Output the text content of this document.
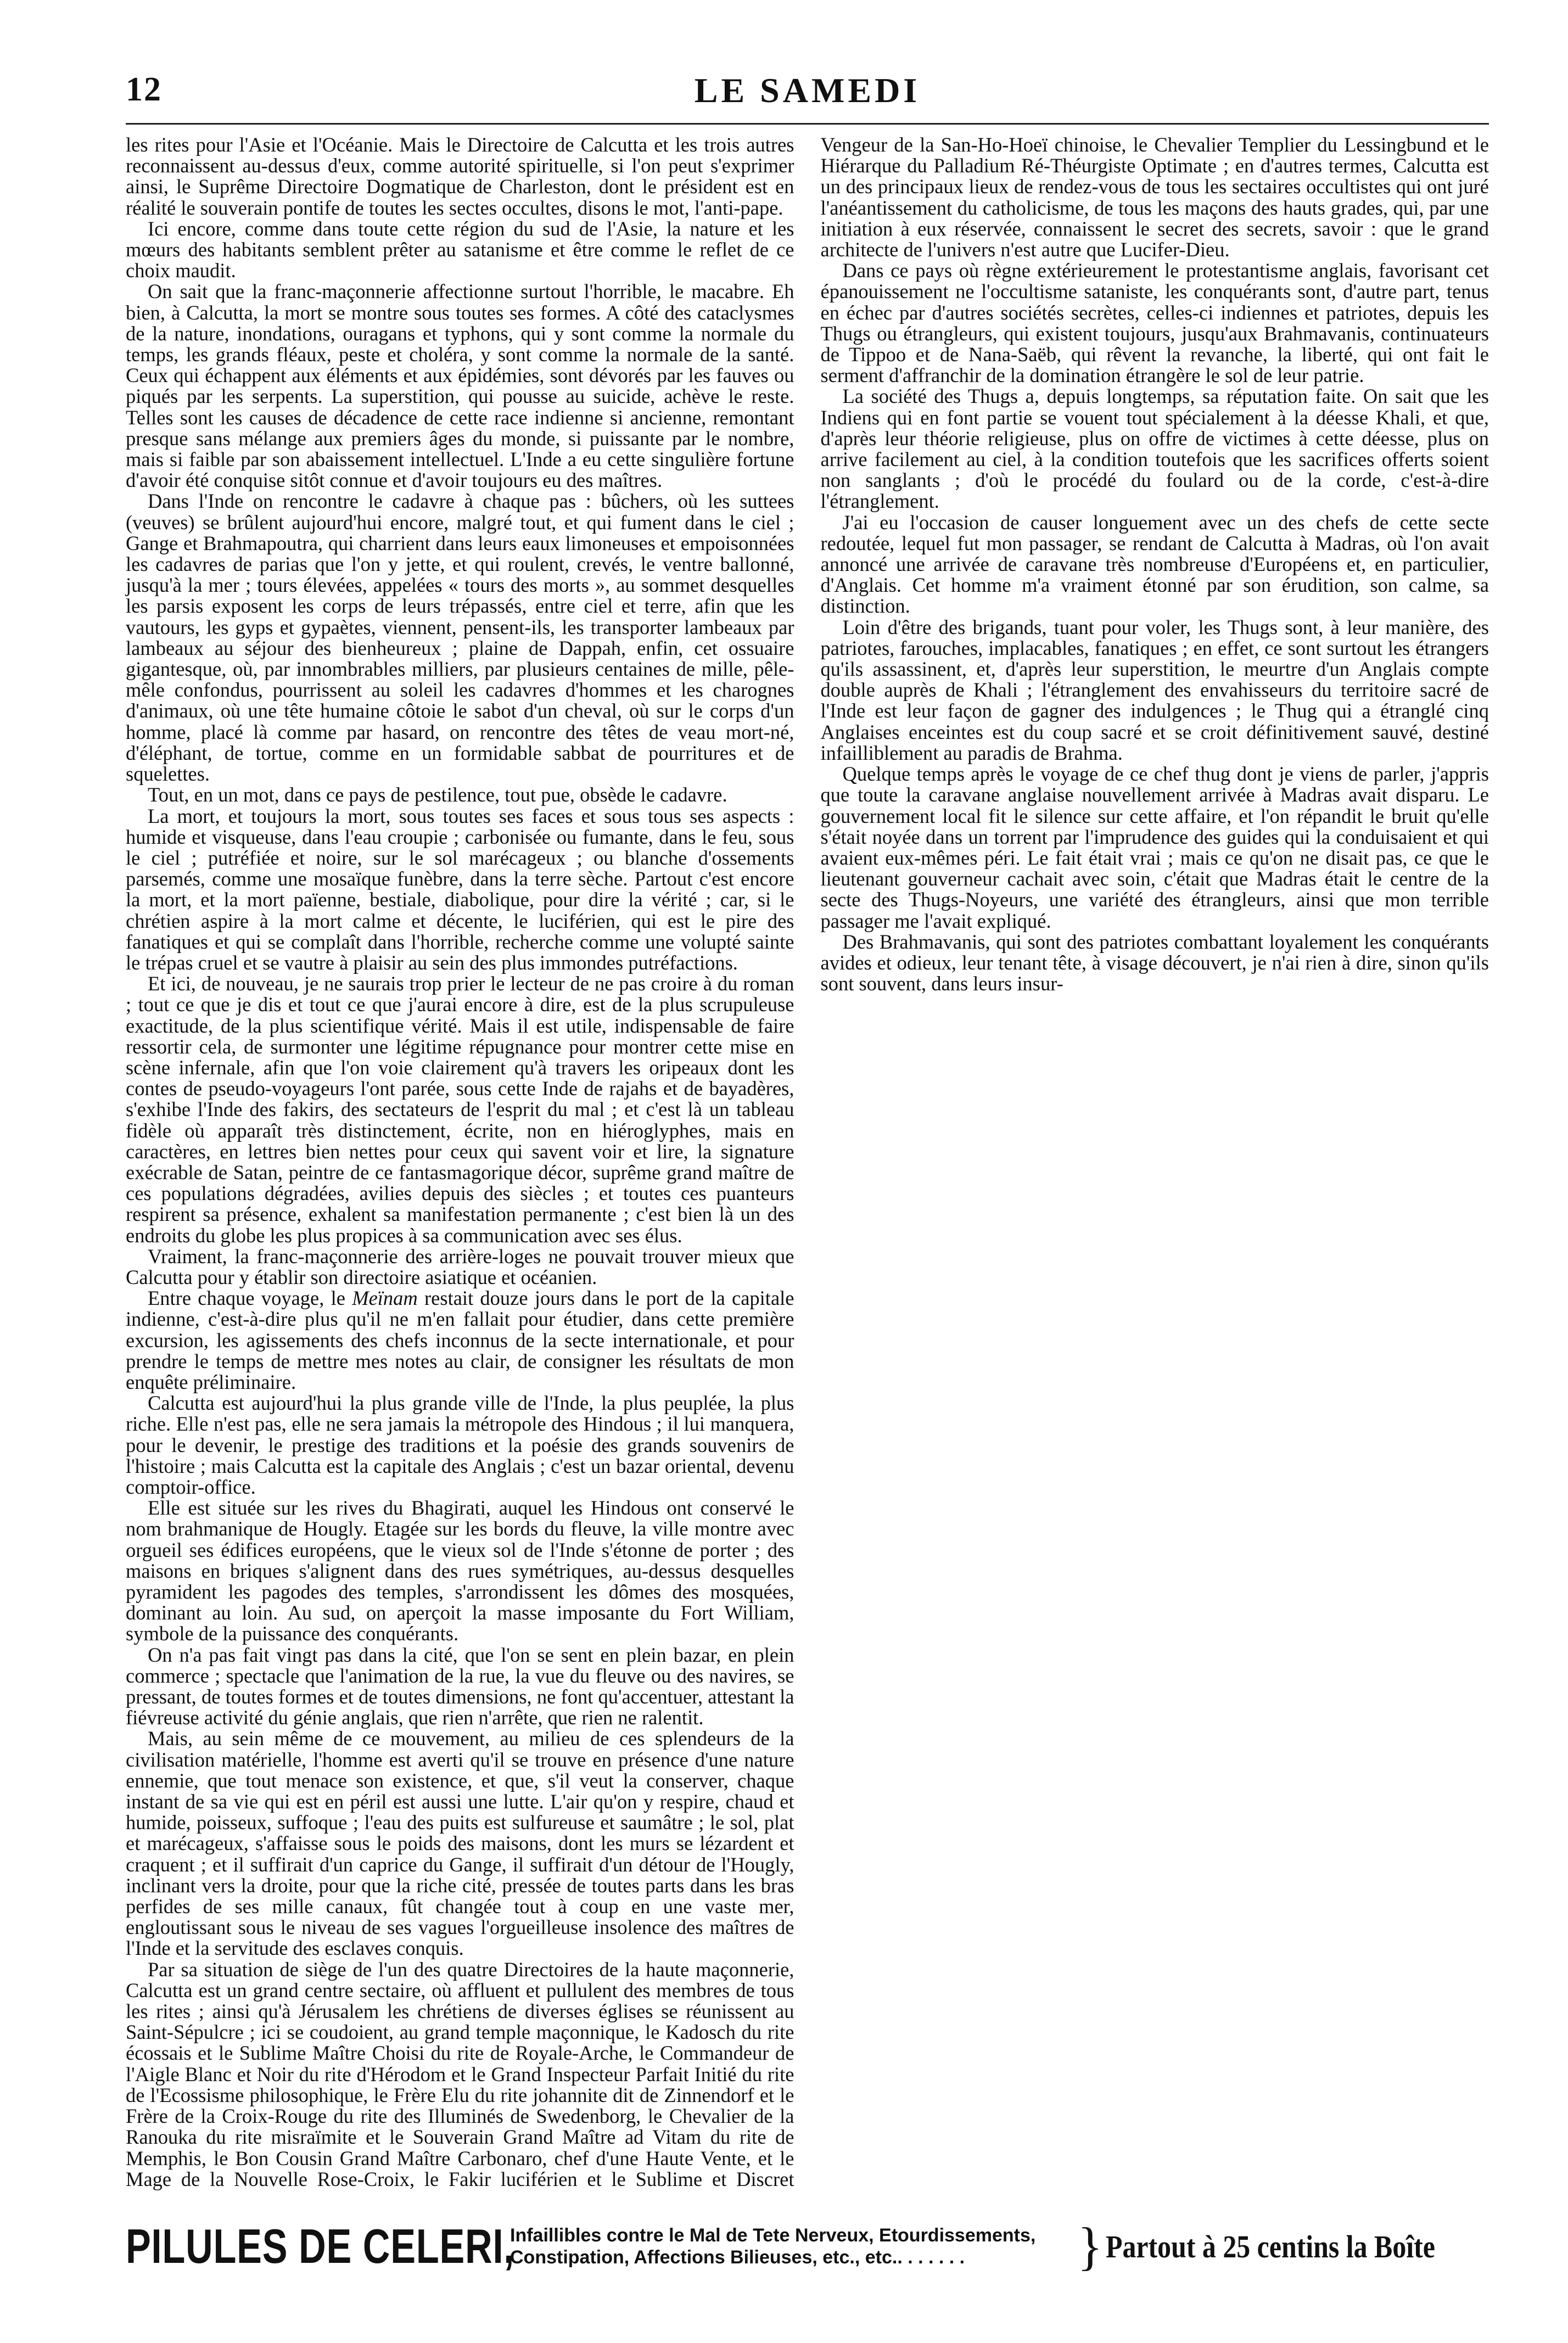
12	LE SAMEDI

les rites pour l'Asie et l'Océanie. Mais le Directoire de Calcutta et les trois autres reconnaissent au-dessus d'eux, comme autorité spirituelle, si l'on peut s'exprimer ainsi, le Suprême Directoire Dogmatique de Charleston, dont le président est en réalité le souverain pontife de toutes les sectes occultes, disons le mot, l'anti-pape.

Ici encore, comme dans toute cette région du sud de l'Asie, la nature et les mœurs des habitants semblent prêter au satanisme et être comme le reflet de ce choix maudit.

On sait que la franc-maçonnerie affectionne surtout l'horrible, le macabre. Eh bien, à Calcutta, la mort se montre sous toutes ses formes. A côté des cataclysmes de la nature, inondations, ouragans et typhons, qui y sont comme la normale du temps, les grands fléaux, peste et choléra, y sont comme la normale de la santé. Ceux qui échappent aux éléments et aux épidémies, sont dévorés par les fauves ou piqués par les serpents. La superstition, qui pousse au suicide, achève le reste. Telles sont les causes de décadence de cette race indienne si ancienne, remontant presque sans mélange aux premiers âges du monde, si puissante par le nombre, mais si faible par son abaissement intellectuel. L'Inde a eu cette singulière fortune d'avoir été conquise sitôt connue et d'avoir toujours eu des maîtres.

Dans l'Inde on rencontre le cadavre à chaque pas : bûchers, où les suttees (veuves) se brûlent aujourd'hui encore, malgré tout, et qui fument dans le ciel ; Gange et Brahmapoutra, qui charrient dans leurs eaux limoneuses et empoisonnées les cadavres de parias que l'on y jette, et qui roulent, crevés, le ventre ballonné, jusqu'à la mer ; tours élevées, appelées « tours des morts », au sommet desquelles les parsis exposent les corps de leurs trépassés, entre ciel et terre, afin que les vautours, les gyps et gypaètes, viennent, pensent-ils, les transporter lambeaux par lambeaux au séjour des bienheureux ; plaine de Dappah, enfin, cet ossuaire gigantesque, où, par innombrables milliers, par plusieurs centaines de mille, pêle-mêle confondus, pourrissent au soleil les cadavres d'hommes et les charognes d'animaux, où une tête humaine côtoie le sabot d'un cheval, où sur le corps d'un homme, placé là comme par hasard, on rencontre des têtes de veau mort-né, d'éléphant, de tortue, comme en un formidable sabbat de pourritures et de squelettes.

Tout, en un mot, dans ce pays de pestilence, tout pue, obsède le cadavre.

La mort, et toujours la mort, sous toutes ses faces et sous tous ses aspects : humide et visqueuse, dans l'eau croupie ; carbonisée ou fumante, dans le feu, sous le ciel ; putréfiée et noire, sur le sol marécageux ; ou blanche d'ossements parsemés, comme une mosaïque funèbre, dans la terre sèche. Partout c'est encore la mort, et la mort païenne, bestiale, diabolique, pour dire la vérité ; car, si le chrétien aspire à la mort calme et décente, le luciférien, qui est le pire des fanatiques et qui se complaît dans l'horrible, recherche comme une volupté sainte le trépas cruel et se vautre à plaisir au sein des plus immondes putréfactions.

Et ici, de nouveau, je ne saurais trop prier le lecteur de ne pas croire à du roman ; tout ce que je dis et tout ce que j'aurai encore à dire, est de la plus scrupuleuse exactitude, de la plus scientifique vérité. Mais il est utile, indispensable de faire ressortir cela, de surmonter une légitime répugnance pour montrer cette mise en scène infernale, afin que l'on voie clairement qu'à travers les oripeaux dont les contes de pseudo-voyageurs l'ont parée, sous cette Inde de rajahs et de bayadères, s'exhibe l'Inde des fakirs, des sectateurs de l'esprit du mal ; et c'est là un tableau fidèle où apparaît très distinctement, écrite, non en hiéroglyphes, mais en caractères, en lettres bien nettes pour ceux qui savent voir et lire, la signature exécrable de Satan, peintre de ce fantasmagorique décor, suprême grand maître de ces populations dégradées, avilies depuis des siècles ; et toutes ces puanteurs respirent sa présence, exhalent sa manifestation permanente ; c'est bien là un des endroits du globe les plus propices à sa communication avec ses élus.

Vraiment, la franc-maçonnerie des arrière-loges ne pouvait trouver mieux que Calcutta pour y établir son directoire asiatique et océanien.

Entre chaque voyage, le Meïnam restait douze jours dans le port de la capitale indienne, c'est-à-dire plus qu'il ne m'en fallait pour étudier, dans cette première excursion, les agissements des chefs inconnus de la secte internationale, et pour prendre le temps de mettre mes notes au clair, de consigner les résultats de mon enquête préliminaire.

Calcutta est aujourd'hui la plus grande ville de l'Inde, la plus peuplée, la plus riche. Elle n'est pas, elle ne sera jamais la métropole des Hindous ; il lui manquera, pour le devenir, le prestige des traditions et la poésie des grands souvenirs de l'histoire ; mais Calcutta est la capitale des Anglais ; c'est un bazar oriental, devenu comptoir-office.

Elle est située sur les rives du Bhagirati, auquel les Hindous ont conservé le nom brahmanique de Hougly. Etagée sur les bords du fleuve, la ville montre avec orgueil ses édifices européens, que le vieux sol de l'Inde s'étonne de porter ; des maisons en briques s'alignent dans des rues symétriques, au-dessus desquelles pyramident les pagodes des temples, s'arrondissent les dômes des mosquées, dominant au loin. Au sud, on aperçoit la masse imposante du Fort William, symbole de la puissance des conquérants.

On n'a pas fait vingt pas dans la cité, que l'on se sent en plein bazar, en plein commerce ; spectacle que l'animation de la rue, la vue du fleuve ou des navires, se pressant, de toutes formes et de toutes dimensions, ne font qu'accentuer, attestant la fiévreuse activité du génie anglais, que rien n'arrête, que rien ne ralentit.

Mais, au sein même de ce mouvement, au milieu de ces splendeurs de la civilisation matérielle, l'homme est averti qu'il se trouve en présence d'une nature ennemie, que tout menace son existence, et que, s'il veut la conserver, chaque instant de sa vie qui est en péril est aussi une lutte. L'air qu'on y respire, chaud et humide, poisseux, suffoque ; l'eau des puits est sulfureuse et saumâtre ; le sol, plat et marécageux, s'affaisse sous le poids des maisons, dont les murs se lézardent et craquent ; et il suffirait d'un caprice du Gange, il suffirait d'un détour de l'Hougly, inclinant vers la droite, pour que la riche cité, pressée de toutes parts dans les bras perfides de ses mille canaux, fût changée tout à coup en une vaste mer, engloutissant sous le niveau de ses vagues l'orgueilleuse insolence des maîtres de l'Inde et la servitude des esclaves conquis.

Par sa situation de siège de l'un des quatre Directoires de la haute maçonnerie, Calcutta est un grand centre sectaire, où affluent et pullulent des membres de tous les rites ; ainsi qu'à Jérusalem les chrétiens de diverses églises se réunissent au Saint-Sépulcre ; ici se coudoient, au grand temple maçonnique, le Kadosch du rite écossais et le Sublime Maître Choisi du rite de Royale-Arche, le Commandeur de l'Aigle Blanc et Noir du rite d'Hérodom et le Grand Inspecteur Parfait Initié du rite de l'Ecossisme philosophique, le Frère Elu du rite johannite dit de Zinnendorf et le Frère de la Croix-Rouge du rite des Illuminés de Swedenborg, le Chevalier de la Ranouka du rite misraïmite et le Souverain Grand Maître ad Vitam du rite de Memphis, le Bon Cousin Grand Maître Carbonaro, chef d'une Haute Vente, et le Mage de la Nouvelle Rose-Croix, le Fakir luciférien et le Sublime et Discret Vengeur de la San-Ho-Hoeï chinoise, le Chevalier Templier du Lessingbund et le Hiérarque du Palladium Ré-Théurgiste Optimate ; en d'autres termes, Calcutta est un des principaux lieux de rendez-vous de tous les sectaires occultistes qui ont juré l'anéantissement du catholicisme, de tous les maçons des hauts grades, qui, par une initiation à eux réservée, connaissent le secret des secrets, savoir : que le grand architecte de l'univers n'est autre que Lucifer-Dieu.

Dans ce pays où règne extérieurement le protestantisme anglais, favorisant cet épanouissement ne l'occultisme sataniste, les conquérants sont, d'autre part, tenus en échec par d'autres sociétés secrètes, celles-ci indiennes et patriotes, depuis les Thugs ou étrangleurs, qui existent toujours, jusqu'aux Brahmavanis, continuateurs de Tippoo et de Nana-Saëb, qui rêvent la revanche, la liberté, qui ont fait le serment d'affranchir de la domination étrangère le sol de leur patrie.

La société des Thugs a, depuis longtemps, sa réputation faite. On sait que les Indiens qui en font partie se vouent tout spécialement à la déesse Khali, et que, d'après leur théorie religieuse, plus on offre de victimes à cette déesse, plus on arrive facilement au ciel, à la condition toutefois que les sacrifices offerts soient non sanglants ; d'où le procédé du foulard ou de la corde, c'est-à-dire l'étranglement.

J'ai eu l'occasion de causer longuement avec un des chefs de cette secte redoutée, lequel fut mon passager, se rendant de Calcutta à Madras, où l'on avait annoncé une arrivée de caravane très nombreuse d'Européens et, en particulier, d'Anglais. Cet homme m'a vraiment étonné par son érudition, son calme, sa distinction.

Loin d'être des brigands, tuant pour voler, les Thugs sont, à leur manière, des patriotes, farouches, implacables, fanatiques ; en effet, ce sont surtout les étrangers qu'ils assassinent, et, d'après leur superstition, le meurtre d'un Anglais compte double auprès de Khali ; l'étranglement des envahisseurs du territoire sacré de l'Inde est leur façon de gagner des indulgences ; le Thug qui a étranglé cinq Anglaises enceintes est du coup sacré et se croit définitivement sauvé, destiné infailliblement au paradis de Brahma.

Quelque temps après le voyage de ce chef thug dont je viens de parler, j'appris que toute la caravane anglaise nouvellement arrivée à Madras avait disparu. Le gouvernement local fit le silence sur cette affaire, et l'on répandit le bruit qu'elle s'était noyée dans un torrent par l'imprudence des guides qui la conduisaient et qui avaient eux-mêmes péri. Le fait était vrai ; mais ce qu'on ne disait pas, ce que le lieutenant gouverneur cachait avec soin, c'était que Madras était le centre de la secte des Thugs-Noyeurs, une variété des étrangleurs, ainsi que mon terrible passager me l'avait expliqué.

Des Brahmavanis, qui sont des patriotes combattant loyalement les conquérants avides et odieux, leur tenant tête, à visage découvert, je n'ai rien à dire, sinon qu'ils sont souvent, dans leurs insur-

PILULES DE CELERI,
Infaillibles contre le Mal de Tete Nerveux, Etourdissements,
Constipation, Affections Bilieuses, etc., etc.. . . . . . .	} Partout à 25 centins la Boîte
